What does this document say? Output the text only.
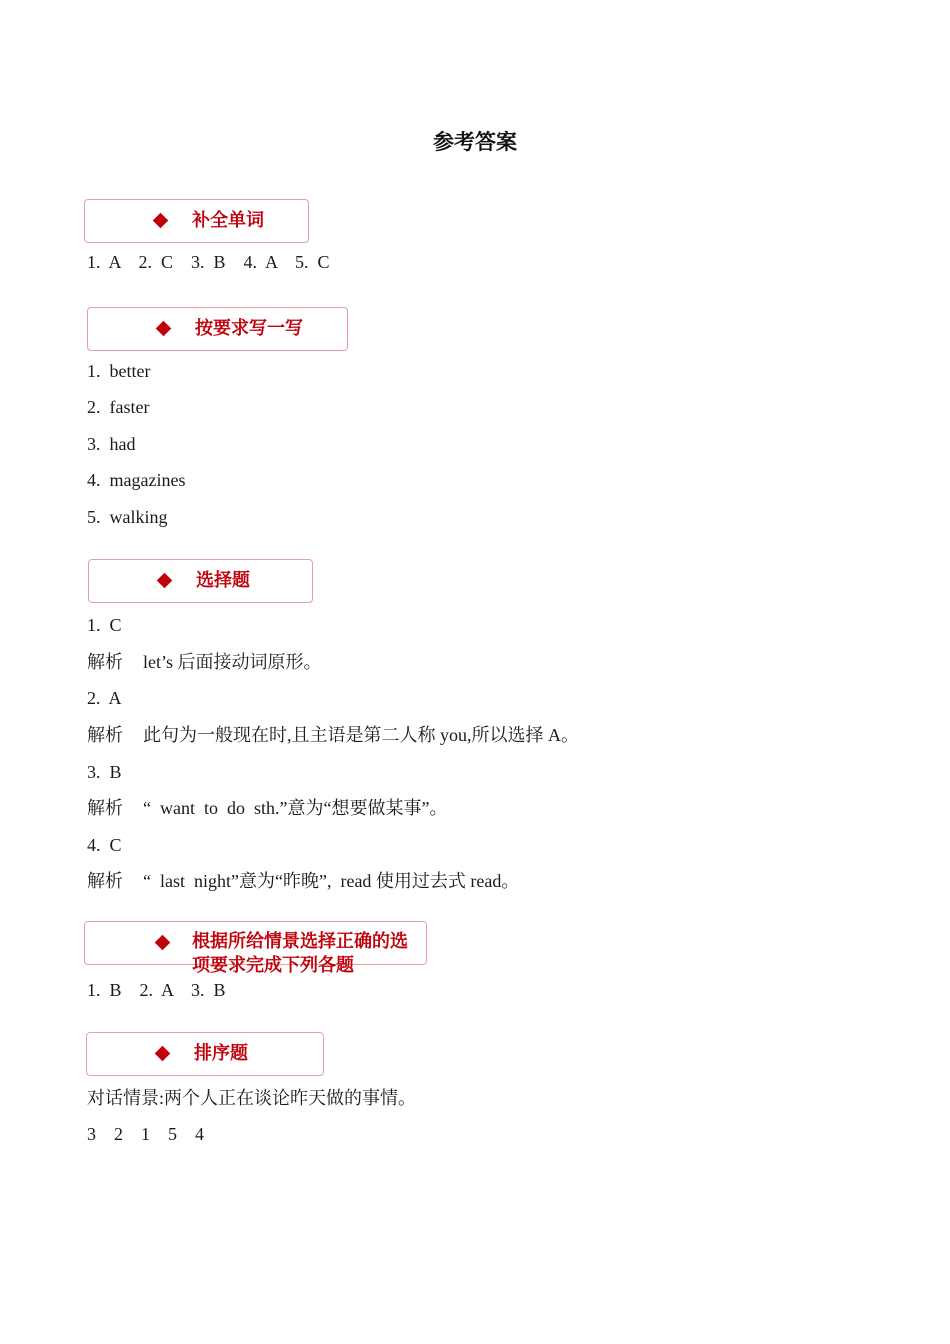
参考答案
补全单词
1.  A    2.  C    3.  B    4.  A    5.  C
按要求写一写
1.  better
2.  faster
3.  had
4.  magazines
5.  walking
选择题
1.  C
解析 let’s 后面接动词原形。
2.  A
解析 此句为一般现在时,且主语是第二人称 you,所以选择 A。
3.  B
解析 “  want  to  do  sth.”意为“想要做某事”。
4.  C
解析 “  last  night”意为“昨晚”,  read 使用过去式 read。
根据所给情景选择正确的选项要求完成下列各题
1.  B    2.  A    3.  B
排序题
对话情景:两个人正在谈论昨天做的事情。
3    2    1    5    4
